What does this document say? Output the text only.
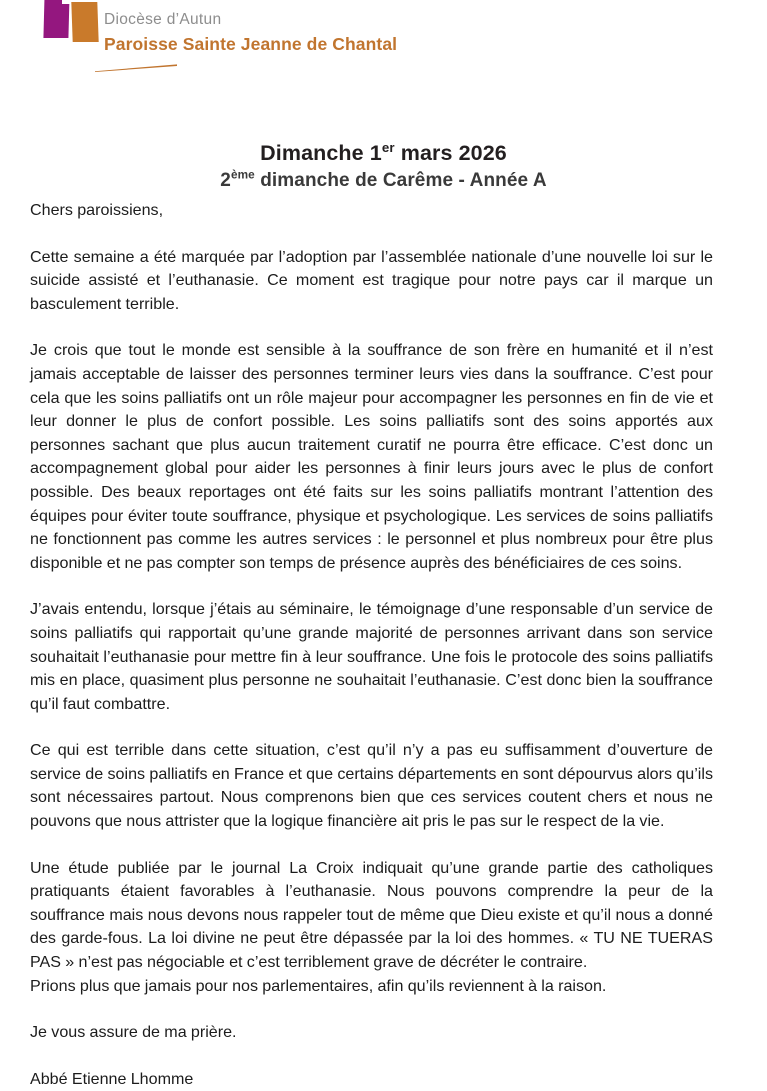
Diocèse d’Autun
Paroisse Sainte Jeanne de Chantal
Dimanche 1er mars 2026
2ème dimanche de Carême - Année A

Chers paroissiens,

Cette semaine a été marquée par l’adoption par l’assemblée nationale d’une nouvelle loi sur le suicide assisté et l’euthanasie. Ce moment est tragique pour notre pays car il marque un basculement terrible.

Je crois que tout le monde est sensible à la souffrance de son frère en humanité et il n’est jamais acceptable de laisser des personnes terminer leurs vies dans la souffrance. C’est pour cela que les soins palliatifs ont un rôle majeur pour accompagner les personnes en fin de vie et leur donner le plus de confort possible. Les soins palliatifs sont des soins apportés aux personnes sachant que plus aucun traitement curatif ne pourra être efficace. C’est donc un accompagnement global pour aider les personnes à finir leurs jours avec le plus de confort possible. Des beaux reportages ont été faits sur les soins palliatifs montrant l’attention des équipes pour éviter toute souffrance, physique et psychologique. Les services de soins palliatifs ne fonctionnent pas comme les autres services : le personnel et plus nombreux pour être plus disponible et ne pas compter son temps de présence auprès des bénéficiaires de ces soins.

J’avais entendu, lorsque j’étais au séminaire, le témoignage d’une responsable d’un service de soins palliatifs qui rapportait qu’une grande majorité de personnes arrivant dans son service souhaitait l’euthanasie pour mettre fin à leur souffrance. Une fois le protocole des soins palliatifs mis en place, quasiment plus personne ne souhaitait l’euthanasie. C’est donc bien la souffrance qu’il faut combattre.

Ce qui est terrible dans cette situation, c’est qu’il n’y a pas eu suffisamment d’ouverture de service de soins palliatifs en France et que certains départements en sont dépourvus alors qu’ils sont nécessaires partout. Nous comprenons bien que ces services coutent chers et nous ne pouvons que nous attrister que la logique financière ait pris le pas sur le respect de la vie.

Une étude publiée par le journal La Croix indiquait qu’une grande partie des catholiques pratiquants étaient favorables à l’euthanasie. Nous pouvons comprendre la peur de la souffrance mais nous devons nous rappeler tout de même que Dieu existe et qu’il nous a donné des garde-fous. La loi divine ne peut être dépassée par la loi des hommes. « TU NE TUERAS PAS » n’est pas négociable et c’est terriblement grave de décréter le contraire.

Prions plus que jamais pour nos parlementaires, afin qu’ils reviennent à la raison.

Je vous assure de ma prière.

Abbé Etienne Lhomme
